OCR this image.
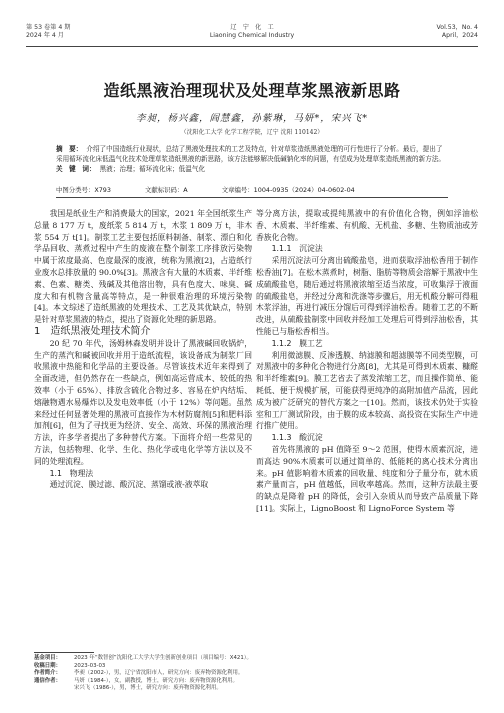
第 53 卷第 4 期
2024 年 4 月
辽　宁　化　工
Liaoning Chemical Industry
Vol.53，No. 4
April，2024
造纸黑液治理现状及处理草浆黑液新思路
李昶，杨兴鑫，阎慧鑫，孙紫琳，马妍*，宋兴飞*
（沈阳化工大学 化学工程学院，辽宁 沈阳 110142）
摘　要： 介绍了中国造纸行业现状，总结了黑液处理技术的工艺及特点，针对草浆造纸黑液处理的可行性进行了分析。最后，提出了采用循环流化床低温气化技术处理草浆造纸黑液的新思路，该方法能够解决低碱钠化率的问题，有望成为处理草浆造纸黑液的新方法。
关　键　词： 黑液；治理；循环流化床；低温气化
中图分类号：X793	文献标识码：A	文章编号：1004-0935（2024）04-0602-04

我国是纸业生产和消费最大的国家，2021 年全国纸浆生产总量 8 177 万 t，废纸浆 5 814 万 t，木浆 1 809 万 t，非木浆 554 万 t[1]。制浆工艺主要包括原料制备、制浆、漂白和化学品回收、蒸煮过程中产生的废液在整个制浆工序排放污染物中属于浓度最高、色度最深的废液，统称为黑液[2]，占造纸行业废水总排放量的 90.0%[3]。黑液含有大量的木质素、半纤维素、色素、糖类、残碱及其他溶出物，具有色度大、味臭、碱度大和有机物含量高等特点，是一种很难治理的环境污染物[4]。本文综述了造纸黑液的处理技术、工艺及其优缺点，特别是针对草浆黑液的特点，提出了资源化处理的新思路。

1　造纸黑液处理技术简介

20 纪 70 年代，汤姆林森发明并设计了黑液碱回收锅炉，生产的蒸汽和碱被回收并用于造纸流程，该设备成为制浆厂回收黑液中热能和化学品的主要设备。尽管该技术近年来得到了全面改进，但仍然存在一些缺点，例如高运营成本、较低的热效率（小于 65%）、排放含硫化合物过多、容易在炉内结垢、熔融物遇水易爆炸以及发电效率低（小于 12%）等问题。虽然来经过任何显著处理的黑液可直接作为木材防腐剂[5]和肥料添加剂[6]，但为了寻找更为经济、安全、高效、环保的黑液治理方法，许多学者提出了多种替代方案。下面将介绍一些常见的方法，包括物理、化学、生化、热化学或电化学等方法以及不同的处理流程。

1.1　物理法

通过沉淀、膜过滤、酸沉淀、蒸馏或液-液萃取

等分离方法，提取或提纯黑液中的有价值化合物，例如浮油松香、木质素、半纤维素、有机酸、无机盐、多糖、生物质油或芳香族化合物。

1.1.1　沉淀法

采用沉淀法可分离出硫酸盐皂，进而获取浮油松香用于制作松香油[7]。在松木蒸煮时，树脂、脂肪等物质会溶解于黑液中生成硫酸盐皂，随后通过将黑液浓缩至适当浓度，可收集浮于液面的硫酸盐皂，并经过分离和洗涤等步骤后，用无机酸分解可得粗木浆浮油，再进行减压分馏后可得到浮油松香。随着工艺的不断改进，从硫酸盐制浆中回收并经加工处理后可得到浮油松香，其性能已与脂松香相当。

1.1.2　膜工艺

利用微滤膜、反渗透膜、纳滤膜和超滤膜等不同类型膜，可对黑液中的多种化合物进行分离[8]，尤其是可得到木质素、糠醛和半纤维素[9]。膜工艺省去了蒸发浓缩工艺，而且操作简单、能耗低、便于规模扩展，可能获得更纯净的高附加值产品流，因此成为被广泛研究的替代方案之一[10]。然而，该技术仍处于实验室和工厂测试阶段，由于膜的成本较高、高投资在实际生产中进行推广使用。

1.1.3　酸沉淀

首先将黑液的 pH 值降至 9～2 范围，使得木质素沉淀，进而高达 90%木质素可以通过简单的、低能耗的离心技术分离出来。pH 值影响着木质素的回收量、纯度和分子量分布，就木质素产量而言，pH 值越低，回收率越高。然而，这种方法最主要的缺点是降着 pH 的降低，会引入杂质从而导致产品质量下降[11]。实际上，LignoBoost 和 LignoForce System 等

基金项目： 2023 年“数智创”沈阳化工大学大学生创新创业项目（项目编号：X421）。
收稿日期： 2023-03-03
作者简介： 李昶（2002-），男，辽宁省沈阳市人，研究方向：废弃物资源化利用。
通信作者： 马妍（1984-），女，副教授，博士，研究方向：废弃物资源化利用。
宋兴飞（1986-），男，博士，研究方向：废弃物资源化利用。
